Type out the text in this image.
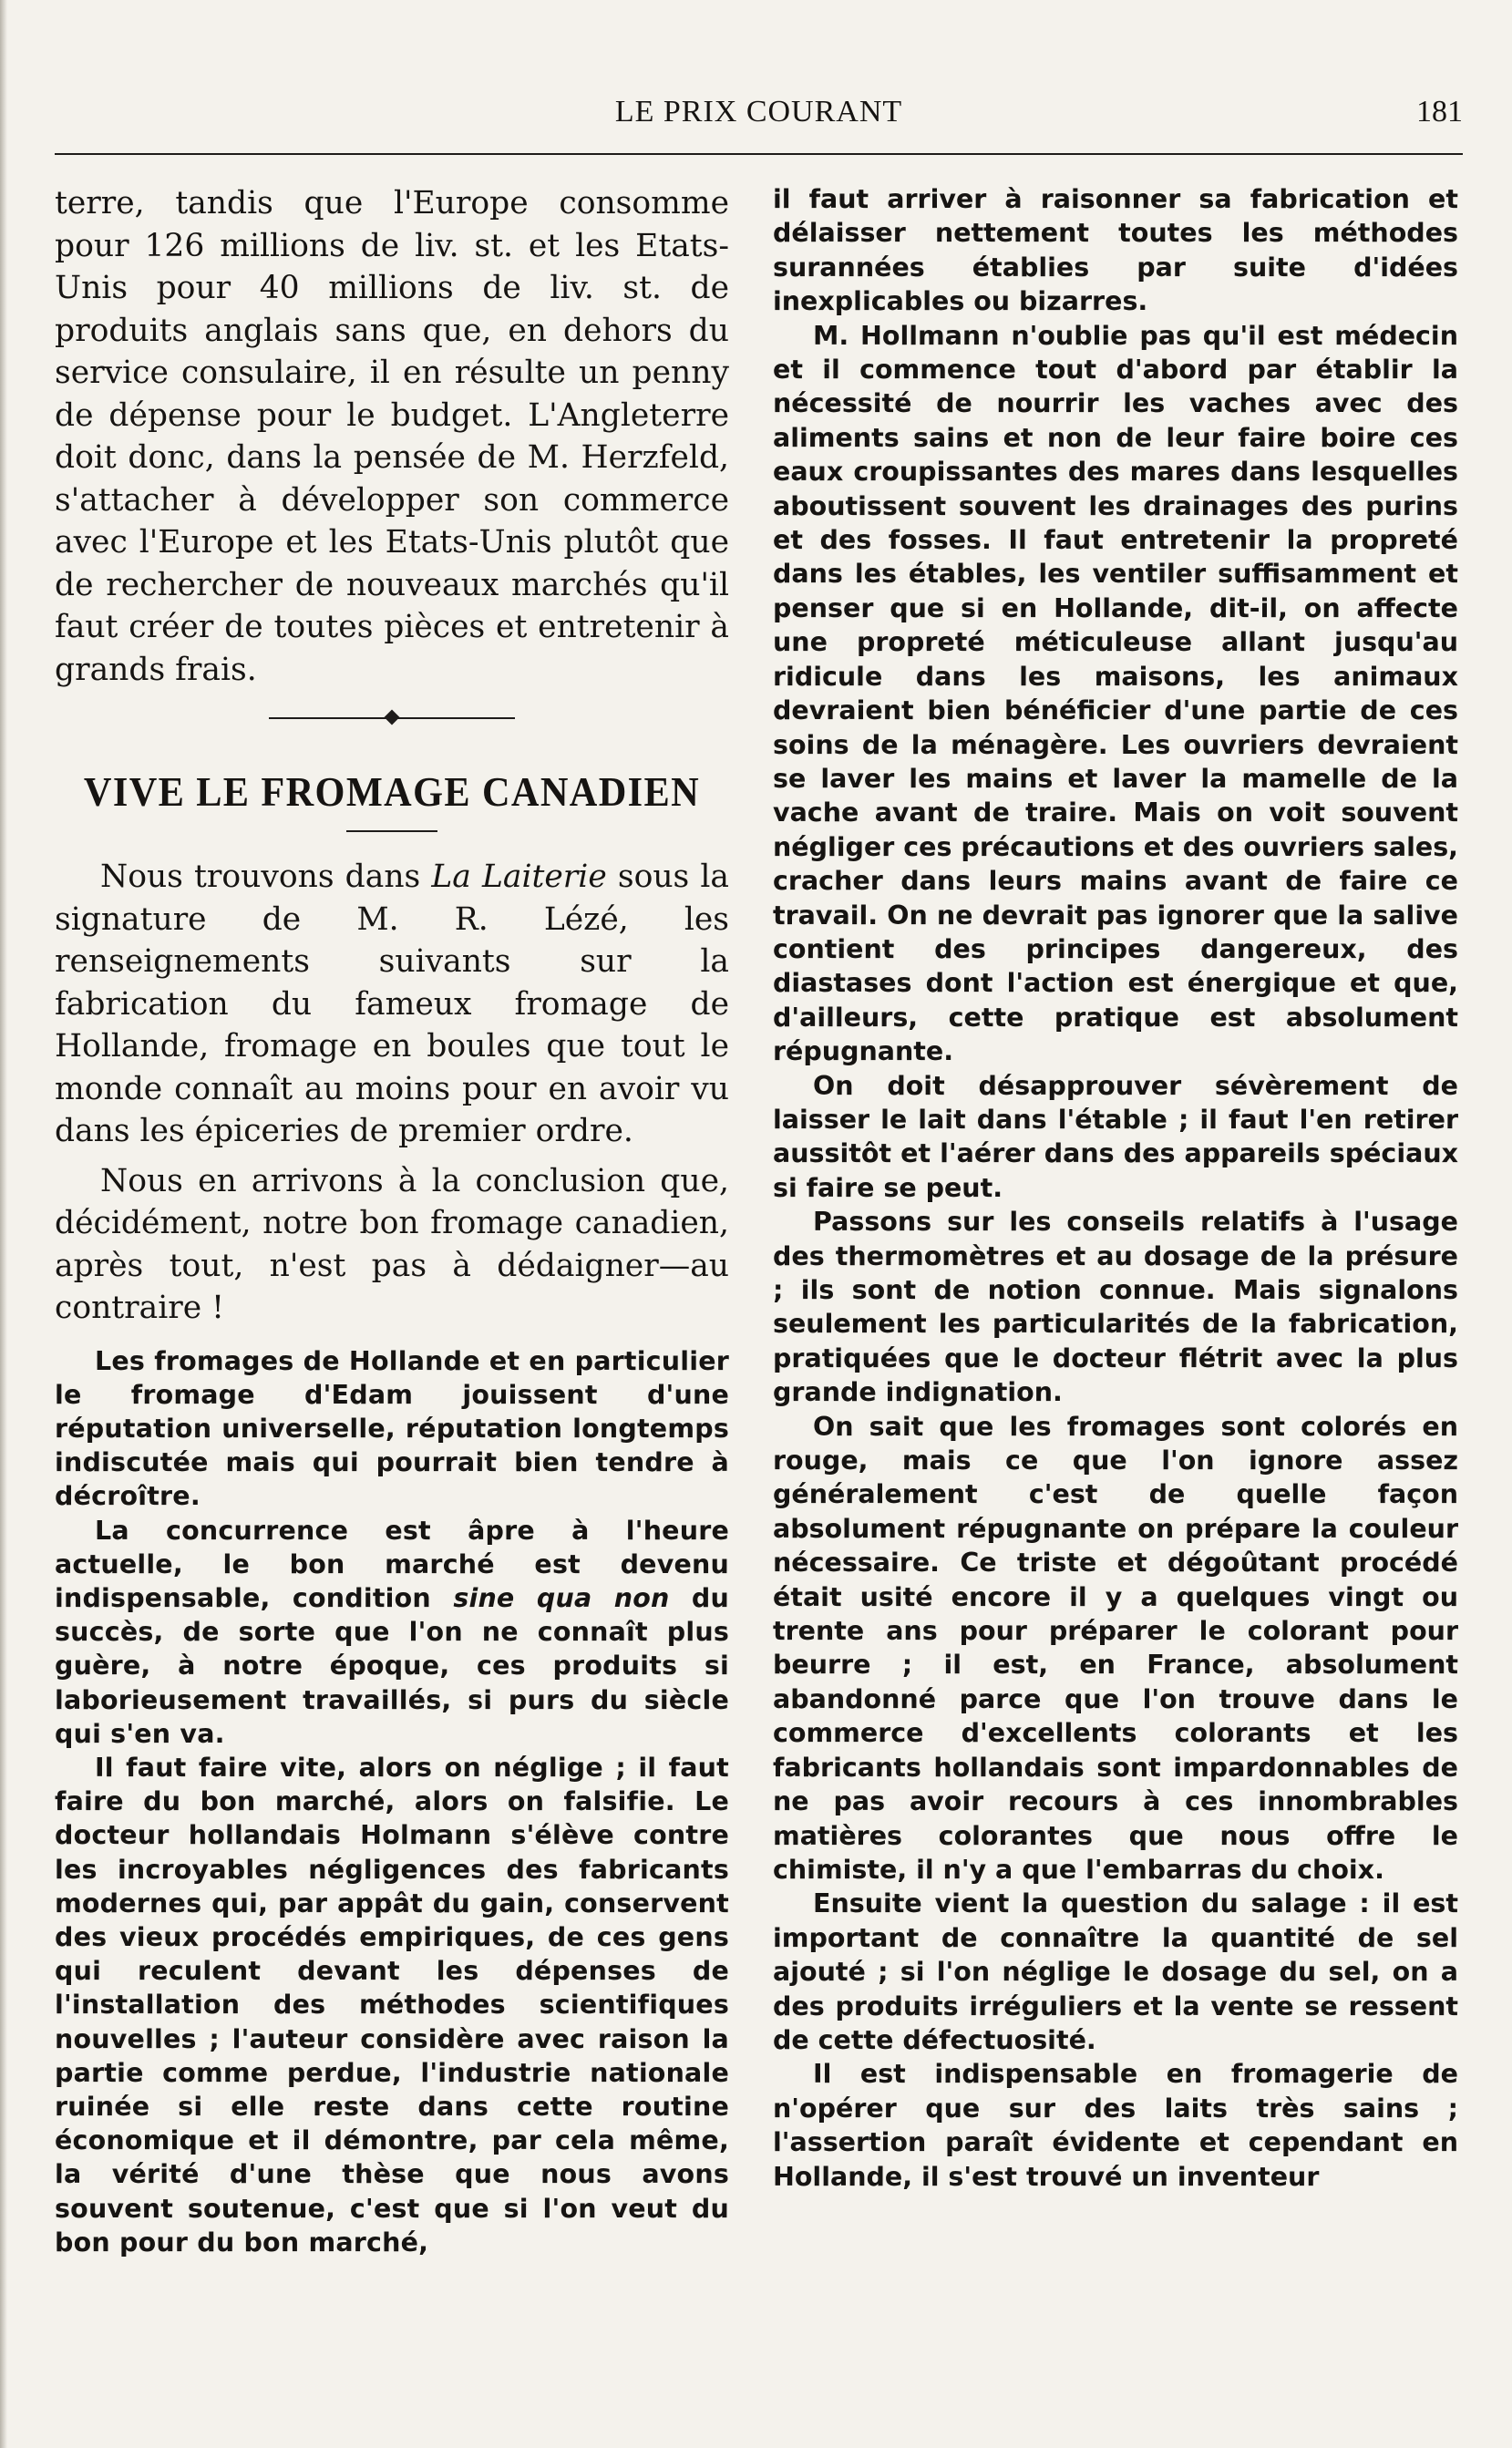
LE PRIX COURANT	181

terre, tandis que l'Europe consomme pour 126 millions de liv. st. et les Etats-Unis pour 40 millions de liv. st. de produits anglais sans que, en dehors du service consulaire, il en résulte un penny de dépense pour le budget. L'Angleterre doit donc, dans la pensée de M. Herzfeld, s'attacher à développer son commerce avec l'Europe et les Etats-Unis plutôt que de rechercher de nouveaux marchés qu'il faut créer de toutes pièces et entretenir à grands frais.

VIVE LE FROMAGE CANADIEN

Nous trouvons dans La Laiterie sous la signature de M. R. Lézé, les renseignements suivants sur la fabrication du fameux fromage de Hollande, fromage en boules que tout le monde connaît au moins pour en avoir vu dans les épiceries de premier ordre.

Nous en arrivons à la conclusion que, décidément, notre bon fromage canadien, après tout, n'est pas à dédaigner—au contraire !

Les fromages de Hollande et en particulier le fromage d'Edam jouissent d'une réputation universelle, réputation longtemps indiscutée mais qui pourrait bien tendre à décroître.

La concurrence est âpre à l'heure actuelle, le bon marché est devenu indispensable, condition sine qua non du succès, de sorte que l'on ne connaît plus guère, à notre époque, ces produits si laborieusement travaillés, si purs du siècle qui s'en va.

Il faut faire vite, alors on néglige ; il faut faire du bon marché, alors on falsifie. Le docteur hollandais Holmann s'élève contre les incroyables négligences des fabricants modernes qui, par appât du gain, conservent des vieux procédés empiriques, de ces gens qui reculent devant les dépenses de l'installation des méthodes scientifiques nouvelles ; l'auteur considère avec raison la partie comme perdue, l'industrie nationale ruinée si elle reste dans cette routine économique et il démontre, par cela même, la vérité d'une thèse que nous avons souvent soutenue, c'est que si l'on veut du bon pour du bon marché,

il faut arriver à raisonner sa fabrication et délaisser nettement toutes les méthodes surannées établies par suite d'idées inexplicables ou bizarres.

M. Hollmann n'oublie pas qu'il est médecin et il commence tout d'abord par établir la nécessité de nourrir les vaches avec des aliments sains et non de leur faire boire ces eaux croupissantes des mares dans lesquelles aboutissent souvent les drainages des purins et des fosses. Il faut entretenir la propreté dans les étables, les ventiler suffisamment et penser que si en Hollande, dit-il, on affecte une propreté méticuleuse allant jusqu'au ridicule dans les maisons, les animaux devraient bien bénéficier d'une partie de ces soins de la ménagère. Les ouvriers devraient se laver les mains et laver la mamelle de la vache avant de traire. Mais on voit souvent négliger ces précautions et des ouvriers sales, cracher dans leurs mains avant de faire ce travail. On ne devrait pas ignorer que la salive contient des principes dangereux, des diastases dont l'action est énergique et que, d'ailleurs, cette pratique est absolument répugnante.

On doit désapprouver sévèrement de laisser le lait dans l'étable ; il faut l'en retirer aussitôt et l'aérer dans des appareils spéciaux si faire se peut.

Passons sur les conseils relatifs à l'usage des thermomètres et au dosage de la présure ; ils sont de notion connue. Mais signalons seulement les particularités de la fabrication, pratiquées que le docteur flétrit avec la plus grande indignation.

On sait que les fromages sont colorés en rouge, mais ce que l'on ignore assez généralement c'est de quelle façon absolument répugnante on prépare la couleur nécessaire. Ce triste et dégoûtant procédé était usité encore il y a quelques vingt ou trente ans pour préparer le colorant pour beurre ; il est, en France, absolument abandonné parce que l'on trouve dans le commerce d'excellents colorants et les fabricants hollandais sont impardonnables de ne pas avoir recours à ces innombrables matières colorantes que nous offre le chimiste, il n'y a que l'embarras du choix.

Ensuite vient la question du salage : il est important de connaître la quantité de sel ajouté ; si l'on néglige le dosage du sel, on a des produits irréguliers et la vente se ressent de cette défectuosité.

Il est indispensable en fromagerie de n'opérer que sur des laits très sains ; l'assertion paraît évidente et cependant en Hollande, il s'est trouvé un inventeur
